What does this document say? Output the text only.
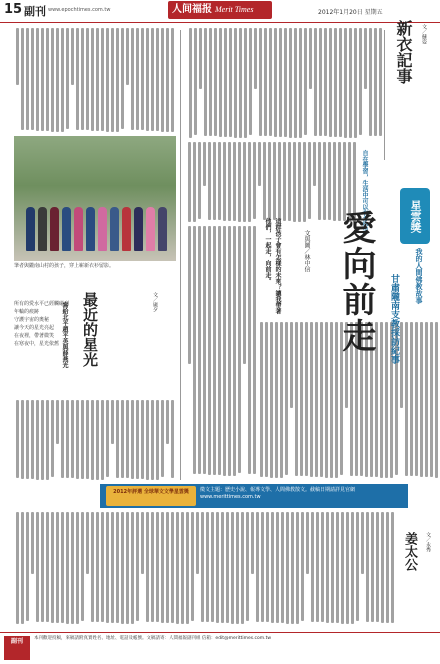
15 副刊 www.epochtimes.com.tw	人间福报 Merit Times	2012年1月20日 星期五
筆者與隴南山村的孩子，穿上嶄新衣衫留影。
新衣記事	文／蘇姿
自在學習，生活中可以有多姿采	星雲獎
我的人間佛教故事
愛向前走	甘肅隴南支教採訪紀事
文與圖／林中信
這群孩子會有怎樣的未來？讓我帶著他們，一起走，向前走。
文／廣夕
最近的星光
寫給北平趙平英與薛燕光
所有的愛水平已經觸碰到
年輪的痕跡
守護宇宙的奧秘
讓今天的星光亮起
在夜裡，帶著微笑
在寒夜中，星光依舊
2012年評選 全球華文文學星雲獎	徵文主題：歷史小說、報導文學、人間佛教散文。截稿日期請詳見官網 www.merittimes.com.tw
姜太公	文／永秀
副刊	本刊歡迎投稿，來稿請附真實姓名、地址、電話及帳號。文稿請寄：人間福報副刊組 信箱：edit@merittimes.com.tw
